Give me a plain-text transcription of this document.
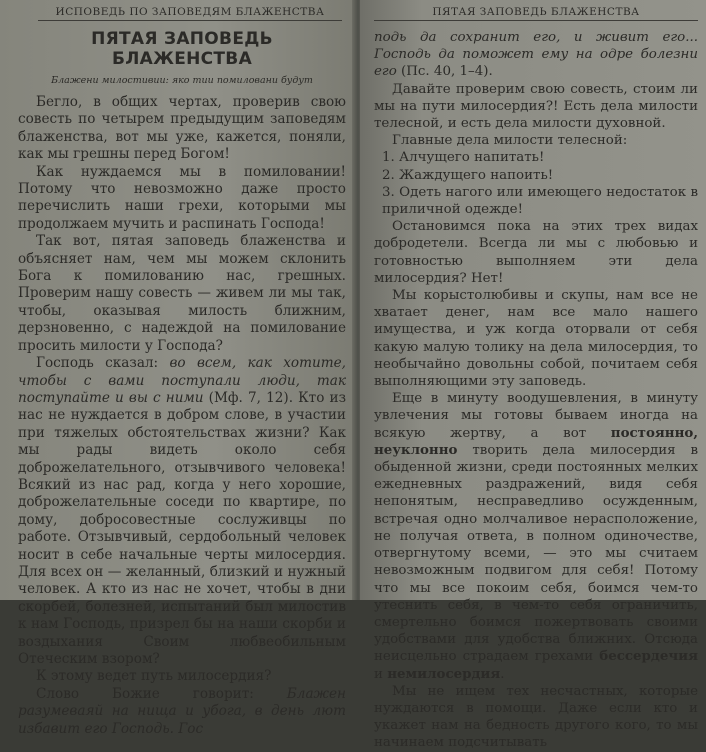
ИСПОВЕДЬ ПО ЗАПОВЕДЯМ БЛАЖЕНСТВА
ПЯТАЯ ЗАПОВЕДЬ БЛАЖЕНСТВА
Блажени милостивии: яко тии помиловани будут

Бегло, в общих чертах, проверив свою совесть по четырем предыдущим заповедям блаженства, вот мы уже, кажется, поняли, как мы грешны перед Богом!

Как нуждаемся мы в помиловании! Потому что невозможно даже просто перечислить наши грехи, которыми мы продолжаем мучить и распинать Господа!

Так вот, пятая заповедь блаженства и объясняет нам, чем мы можем склонить Бога к помилованию нас, грешных. Проверим нашу совесть — живем ли мы так, чтобы, оказывая милость ближним, дерзновенно, с надеждой на помилование просить милости у Господа?

Господь сказал: во всем, как хотите, чтобы с вами поступали люди, так поступайте и вы с ними (Мф. 7, 12). Кто из нас не нуждается в добром слове, в участии при тяжелых обстоятельствах жизни? Как мы рады видеть около себя доброжелательного, отзывчивого человека! Всякий из нас рад, когда у него хорошие, доброжелательные соседи по квартире, по дому, добросовестные сослуживцы по работе. Отзывчивый, сердобольный человек носит в себе начальные черты милосердия. Для всех он — желанный, близкий и нужный человек. А кто из нас не хочет, чтобы в дни скорбей, болезней, испытаний был милостив к нам Господь, призрел бы на наши скорби и воздыхания Своим любвеобильным Отеческим взором?

К этому ведет путь милосердия?

Слово Божие говорит: Блажен разумеваяй на нища и убога, в день лют избавит его Господь. Гос

ПЯТАЯ ЗАПОВЕДЬ БЛАЖЕНСТВА

подь да сохранит его, и живит его... Господь да поможет ему на одре болезни его (Пс. 40, 1–4).

Давайте проверим свою совесть, стоим ли мы на пути милосердия?! Есть дела милости телесной, и есть дела милости духовной.

Главные дела милости телесной:

1. Алчущего напитать!

2. Жаждущего напоить!

3. Одеть нагого или имеющего недостаток в приличной одежде!

Остановимся пока на этих трех видах добродетели. Всегда ли мы с любовью и готовностью выполняем эти дела милосердия? Нет!

Мы корыстолюбивы и скупы, нам все не хватает денег, нам все мало нашего имущества, и уж когда оторвали от себя какую малую толику на дела милосердия, то необычайно довольны собой, почитаем себя выполняющими эту заповедь.

Еще в минуту воодушевления, в минуту увлечения мы готовы бываем иногда на всякую жертву, а вот постоянно, неуклонно творить дела милосердия в обыденной жизни, среди постоянных мелких ежедневных раздражений, видя себя непонятым, несправедливо осужденным, встречая одно молчаливое нерасположение, не получая ответа, в полном одиночестве, отвергнутому всеми, — это мы считаем невозможным подвигом для себя! Потому что мы все покоим себя, боимся чем-то утеснить себя, в чем-то себя ограничить, смертельно боимся пожертвовать своими удобствами для удобства ближних. Отсюда неисцельно страдаем грехами бессердечия и немилосердия.

Мы не ищем тех несчастных, которые нуждаются в помощи. Даже если кто и укажет нам на бедность другого кого, то мы начинаем подсчитывать
